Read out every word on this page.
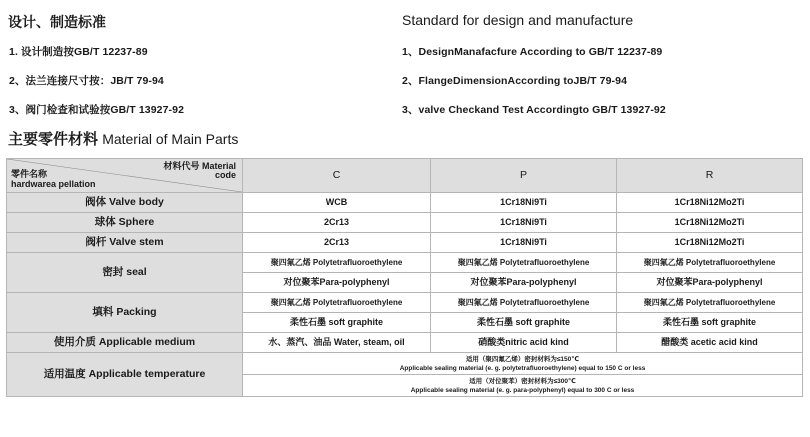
设计、制造标准	Standard for design and manufacture
1. 设计制造按GB/T 12237-89
2、法兰连接尺寸按：JB/T 79-94
3、阀门检查和试验按GB/T 13927-92
1、DesignManafacfure According to GB/T 12237-89
2、FlangeDimensionAccording toJB/T 79-94
3、valve Checkand Test Accordingto GB/T 13927-92
主要零件材料 Material of Main Parts
材料代号 Material
code
零件名称
hardwarea pellation	C	P	R
阀体 Valve body	WCB	1Cr18Ni9Ti	1Cr18Ni12Mo2Ti
球体 Sphere	2Cr13	1Cr18Ni9Ti	1Cr18Ni12Mo2Ti
阀杆 Valve stem	2Cr13	1Cr18Ni9Ti	1Cr18Ni12Mo2Ti
密封 seal	聚四氟乙烯 Polytetrafluoroethylene	聚四氟乙烯 Polytetrafluoroethylene	聚四氟乙烯 Polytetrafluoroethylene
	对位聚苯Para-polyphenyl	对位聚苯Para-polyphenyl	对位聚苯Para-polyphenyl
填料 Packing	聚四氟乙烯 Polytetrafluoroethylene	聚四氟乙烯 Polytetrafluoroethylene	聚四氟乙烯 Polytetrafluoroethylene
	柔性石墨 soft graphite	柔性石墨 soft graphite	柔性石墨 soft graphite
使用介质 Applicable medium	水、蒸汽、油品 Water, steam, oil	硝酸类nitric acid kind	醋酸类 acetic acid kind
适用温度 Applicable temperature	适用（聚四氟乙烯）密封材料为≤150℃
Applicable sealing material (e. g. polytetrafluoroethylene) equal to 150 C or less		
	适用（对位聚苯）密封材料为≤300℃
Applicable sealing material (e. g. para-polyphenyl) equal to 300 C or less		
